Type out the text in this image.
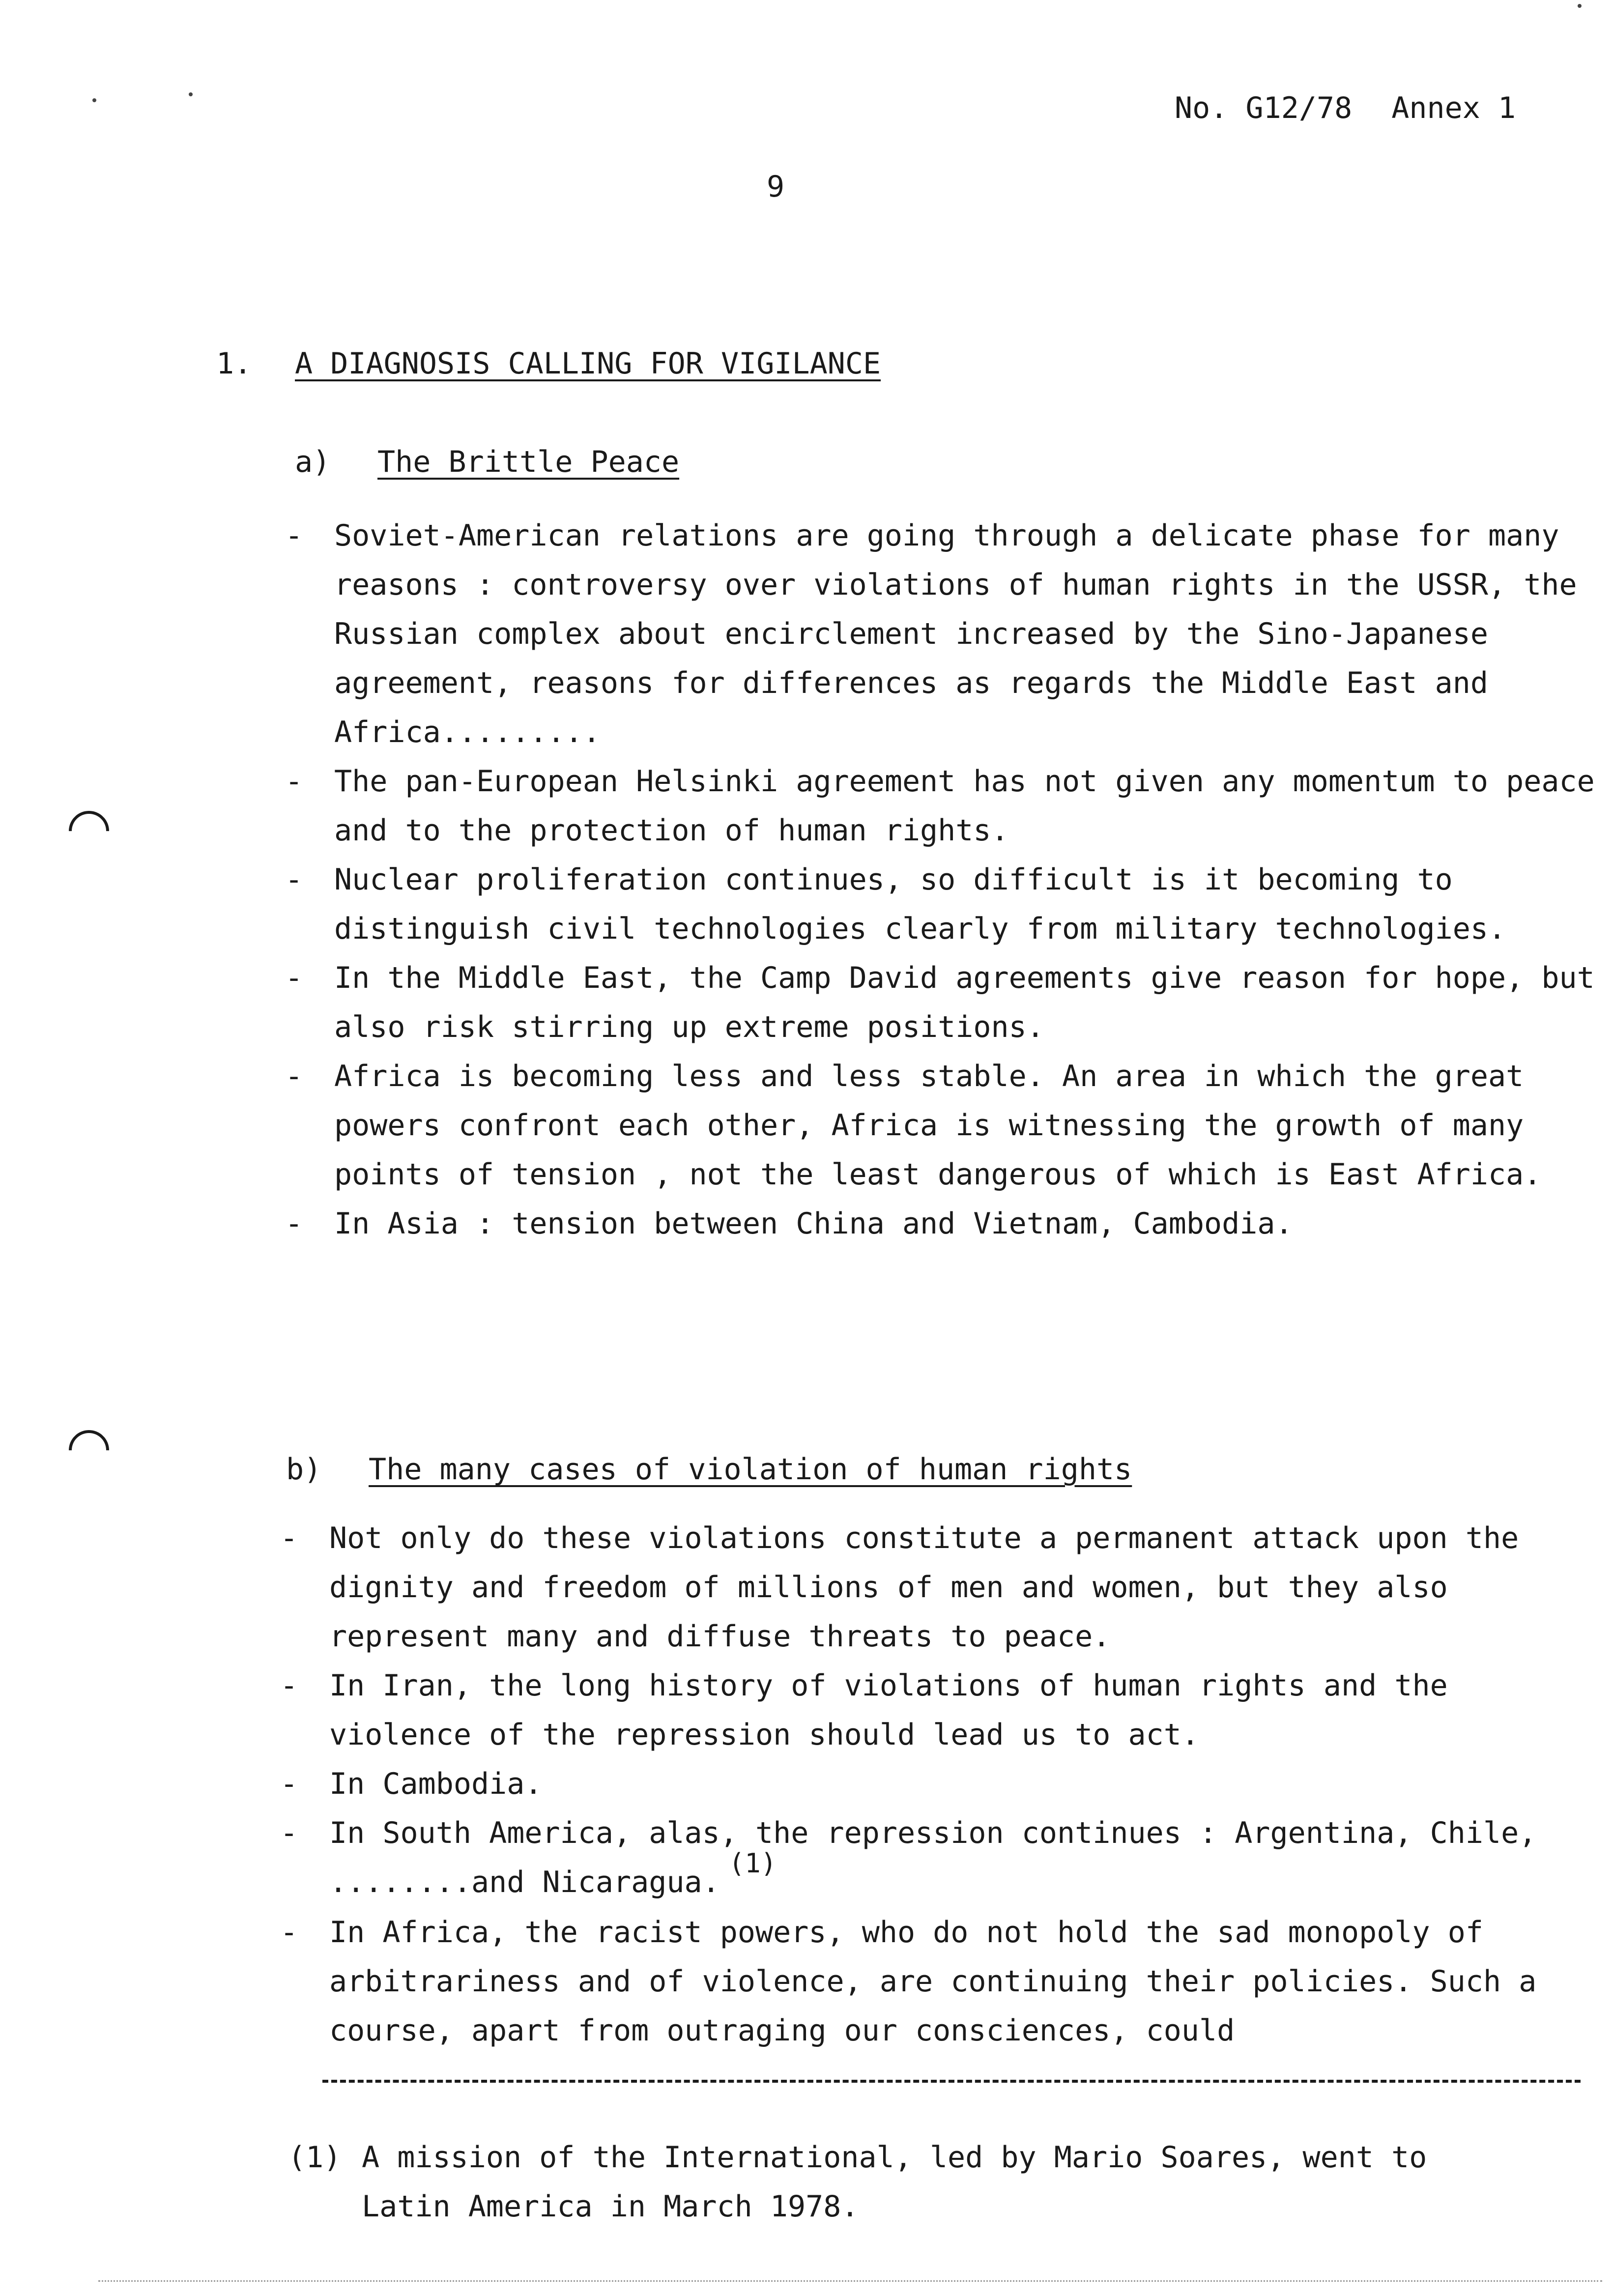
No. G12/78 Annex 1
9
1. A DIAGNOSIS CALLING FOR VIGILANCE
a) The Brittle Peace
- Soviet-American relations are going through a delicate phase for many reasons : controversy over violations of human rights in the USSR, the Russian complex about encirclement increased by the Sino-Japanese agreement, reasons for differences as regards the Middle East and Africa.........
- The pan-European Helsinki agreement has not given any momentum to peace and to the protection of human rights.
- Nuclear proliferation continues, so difficult is it becoming to distinguish civil technologies clearly from military technologies.
- In the Middle East, the Camp David agreements give reason for hope, but also risk stirring up extreme positions.
- Africa is becoming less and less stable. An area in which the great powers confront each other, Africa is witnessing the growth of many points of tension , not the least dangerous of which is East Africa.
- In Asia : tension between China and Vietnam, Cambodia.
b) The many cases of violation of human rights
- Not only do these violations constitute a permanent attack upon the dignity and freedom of millions of men and women, but they also represent many and diffuse threats to peace.
- In Iran, the long history of violations of human rights and the violence of the repression should lead us to act.
- In Cambodia.
- In South America, alas, the repression continues : Argentina, Chile, ........and Nicaragua.(1)
- In Africa, the racist powers, who do not hold the sad monopoly of arbitrariness and of violence, are continuing their policies. Such a course, apart from outraging our consciences, could
(1) A mission of the International, led by Mario Soares, went to
Latin America in March 1978.
